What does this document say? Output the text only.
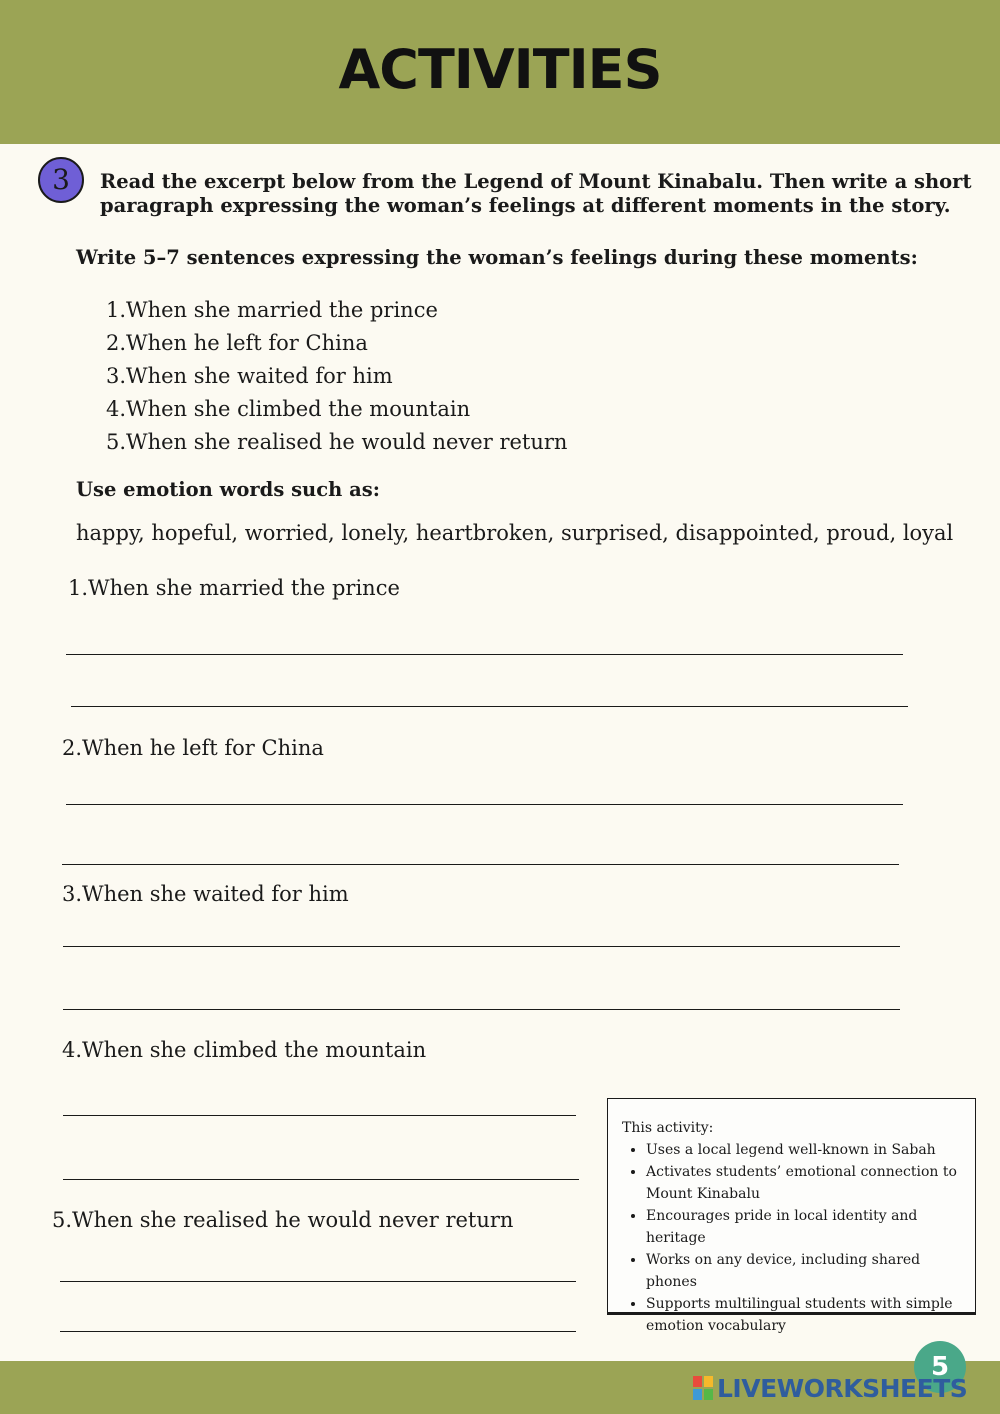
ACTIVITIES
3	Read the excerpt below from the Legend of Mount Kinabalu. Then write a short
paragraph expressing the woman’s feelings at different moments in the story.
Write 5–7 sentences expressing the woman’s feelings during these moments:
1.When she married the prince
2.When he left for China
3.When she waited for him
4.When she climbed the mountain
5.When she realised he would never return
Use emotion words such as:
happy, hopeful, worried, lonely, heartbroken, surprised, disappointed, proud, loyal
1.When she married the prince
2.When he left for China
3.When she waited for him
4.When she climbed the mountain
5.When she realised he would never return
This activity:
• Uses a local legend well-known in Sabah
• Activates students’ emotional connection to Mount Kinabalu
• Encourages pride in local identity and heritage
• Works on any device, including shared phones
• Supports multilingual students with simple emotion vocabulary
5
LIVEWORKSHEETS
